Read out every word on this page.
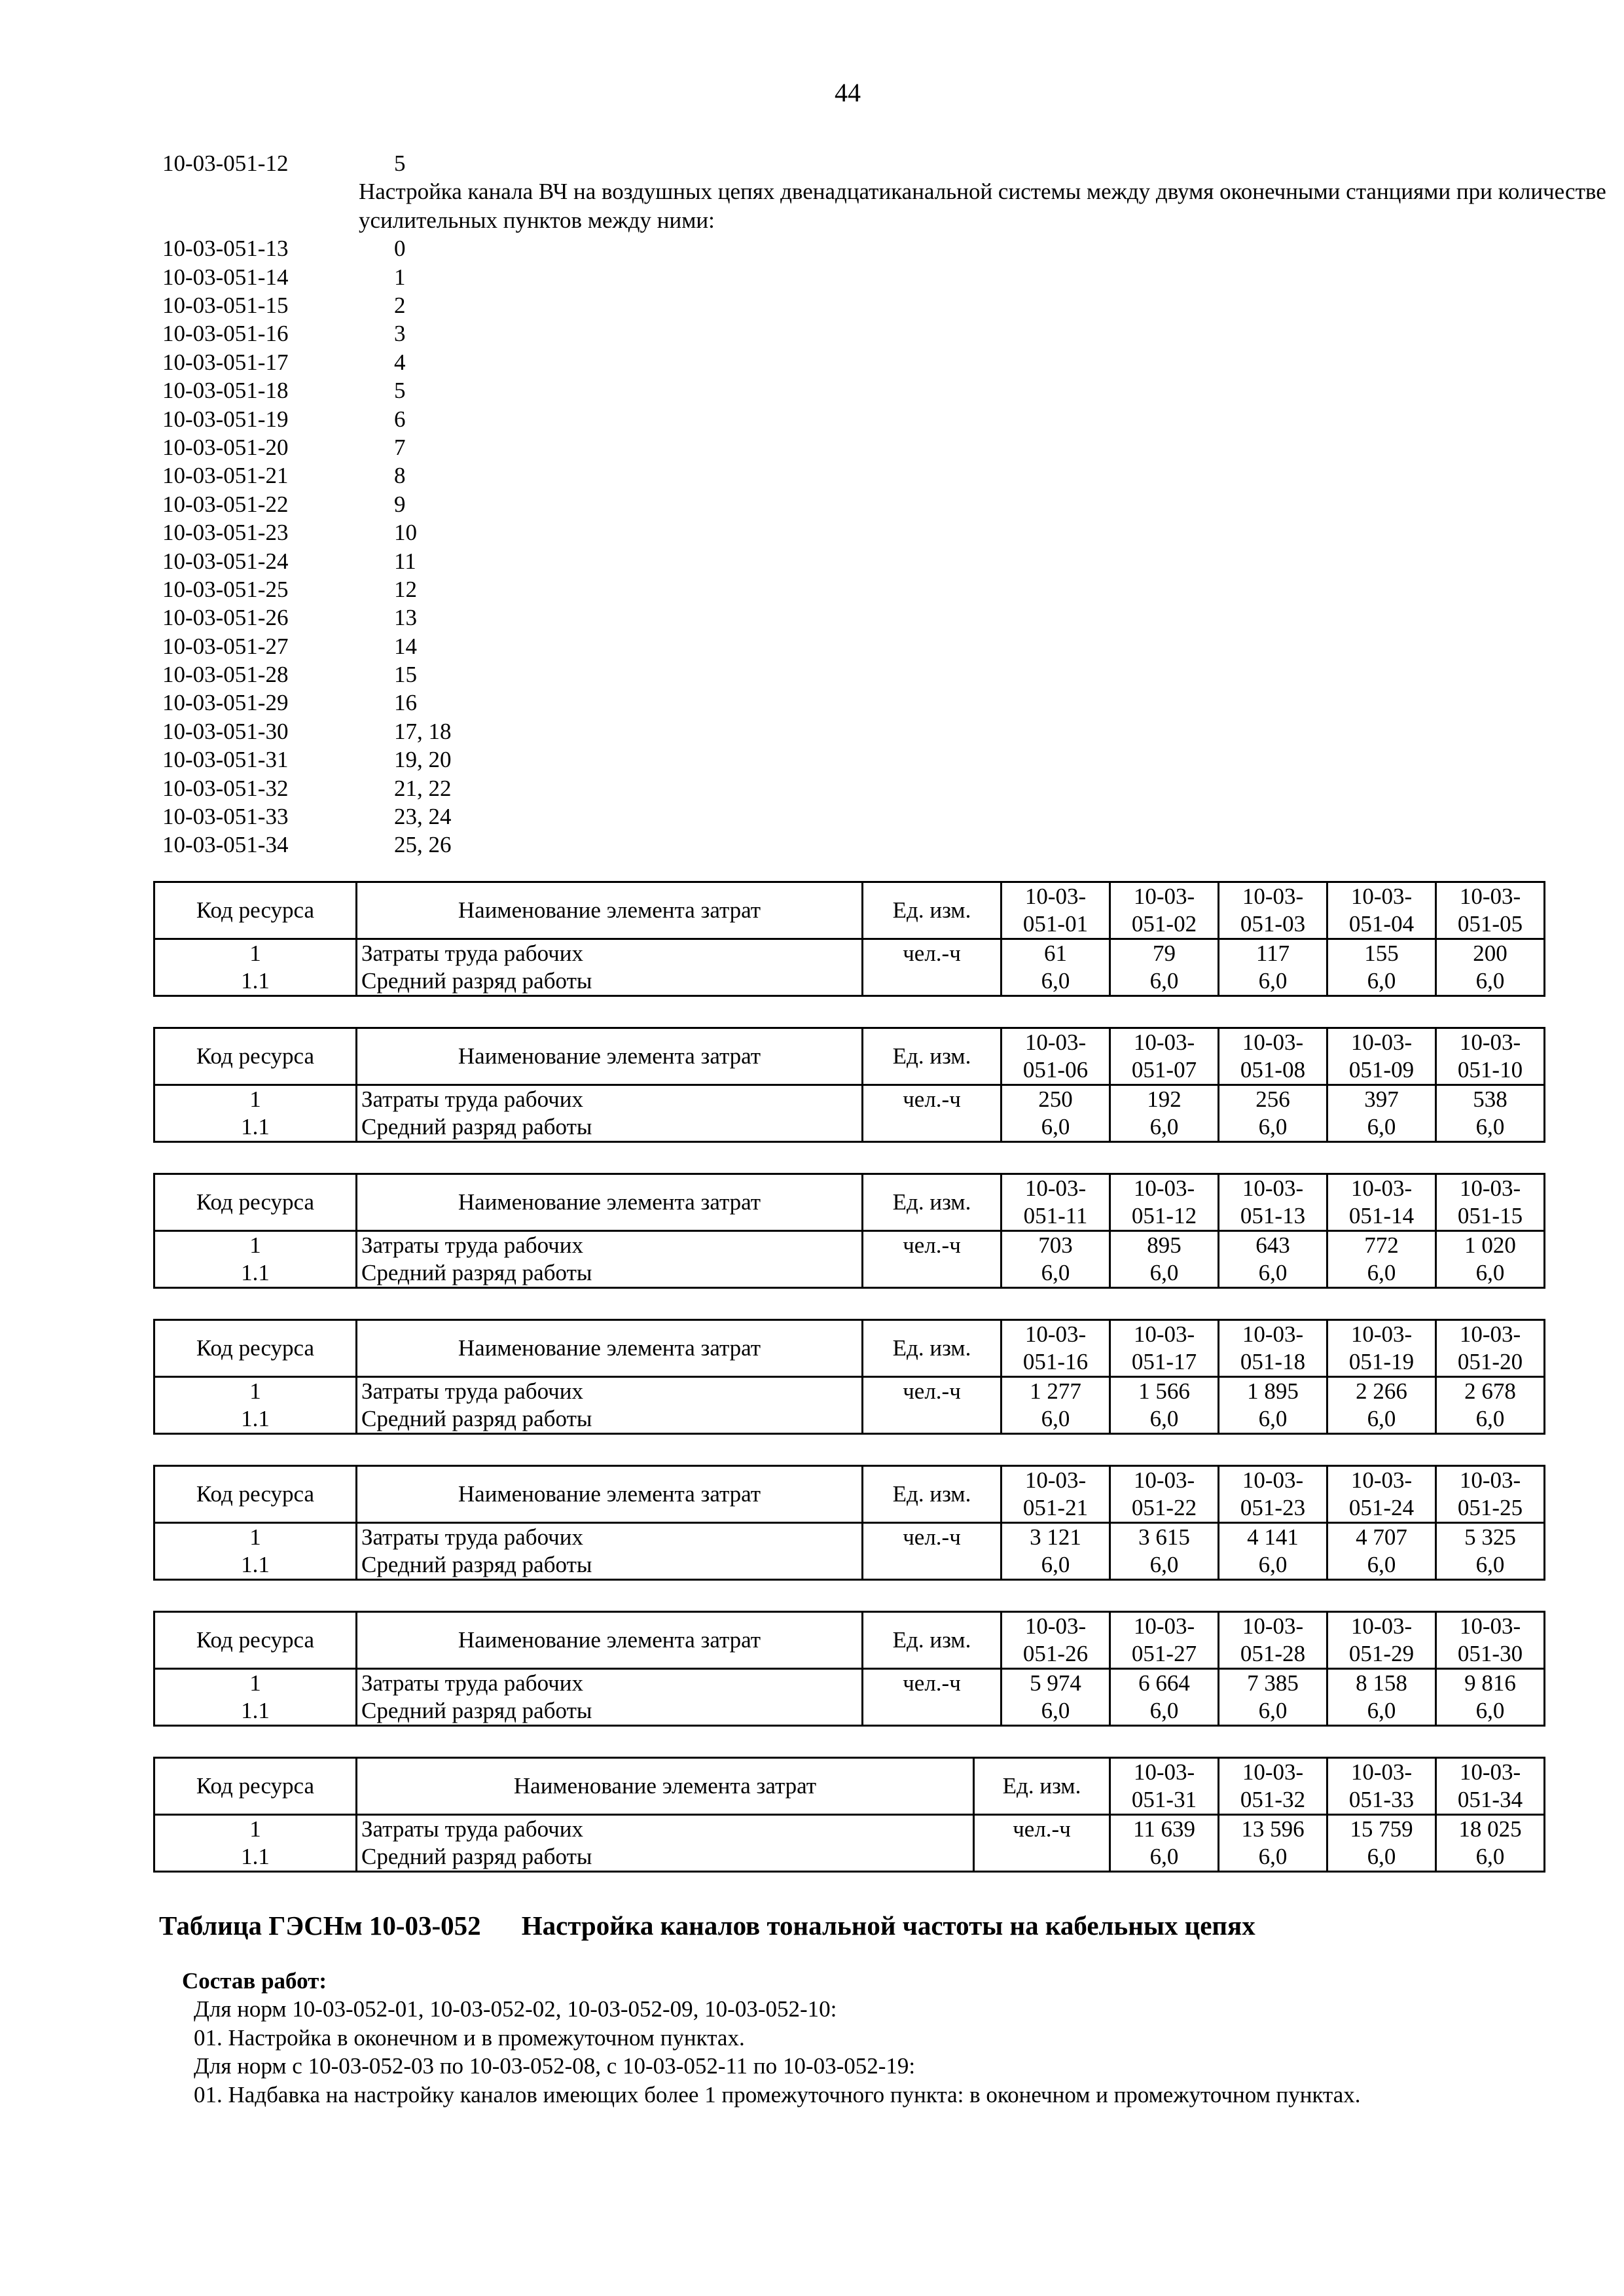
44
10-03-051-12	5
Настройка канала ВЧ на воздушных цепях двенадцатиканальной системы между двумя оконечными станциями при количестве усилительных пунктов между ними:
10-03-051-13	0
10-03-051-14	1
10-03-051-15	2
10-03-051-16	3
10-03-051-17	4
10-03-051-18	5
10-03-051-19	6
10-03-051-20	7
10-03-051-21	8
10-03-051-22	9
10-03-051-23	10
10-03-051-24	11
10-03-051-25	12
10-03-051-26	13
10-03-051-27	14
10-03-051-28	15
10-03-051-29	16
10-03-051-30	17, 18
10-03-051-31	19, 20
10-03-051-32	21, 22
10-03-051-33	23, 24
10-03-051-34	25, 26
Код ресурса	Наименование элемента затрат	Ед. изм.	10-03-051-01	10-03-051-02	10-03-051-03	10-03-051-04	10-03-051-05
1	Затраты труда рабочих	чел.-ч	61	79	117	155	200
1.1	Средний разряд работы		6,0	6,0	6,0	6,0	6,0
Код ресурса	Наименование элемента затрат	Ед. изм.	10-03-051-06	10-03-051-07	10-03-051-08	10-03-051-09	10-03-051-10
1	Затраты труда рабочих	чел.-ч	250	192	256	397	538
1.1	Средний разряд работы		6,0	6,0	6,0	6,0	6,0
Код ресурса	Наименование элемента затрат	Ед. изм.	10-03-051-11	10-03-051-12	10-03-051-13	10-03-051-14	10-03-051-15
1	Затраты труда рабочих	чел.-ч	703	895	643	772	1 020
1.1	Средний разряд работы		6,0	6,0	6,0	6,0	6,0
Код ресурса	Наименование элемента затрат	Ед. изм.	10-03-051-16	10-03-051-17	10-03-051-18	10-03-051-19	10-03-051-20
1	Затраты труда рабочих	чел.-ч	1 277	1 566	1 895	2 266	2 678
1.1	Средний разряд работы		6,0	6,0	6,0	6,0	6,0
Код ресурса	Наименование элемента затрат	Ед. изм.	10-03-051-21	10-03-051-22	10-03-051-23	10-03-051-24	10-03-051-25
1	Затраты труда рабочих	чел.-ч	3 121	3 615	4 141	4 707	5 325
1.1	Средний разряд работы		6,0	6,0	6,0	6,0	6,0
Код ресурса	Наименование элемента затрат	Ед. изм.	10-03-051-26	10-03-051-27	10-03-051-28	10-03-051-29	10-03-051-30
1	Затраты труда рабочих	чел.-ч	5 974	6 664	7 385	8 158	9 816
1.1	Средний разряд работы		6,0	6,0	6,0	6,0	6,0
Код ресурса	Наименование элемента затрат	Ед. изм.	10-03-051-31	10-03-051-32	10-03-051-33	10-03-051-34
1	Затраты труда рабочих	чел.-ч	11 639	13 596	15 759	18 025
1.1	Средний разряд работы		6,0	6,0	6,0	6,0
Таблица ГЭСНм 10-03-052 Настройка каналов тональной частоты на кабельных цепях
Состав работ:
Для норм 10-03-052-01, 10-03-052-02, 10-03-052-09, 10-03-052-10:
01. Настройка в оконечном и в промежуточном пунктах.
Для норм с 10-03-052-03 по 10-03-052-08, с 10-03-052-11 по 10-03-052-19:
01. Надбавка на настройку каналов имеющих более 1 промежуточного пункта: в оконечном и промежуточном пунктах.
